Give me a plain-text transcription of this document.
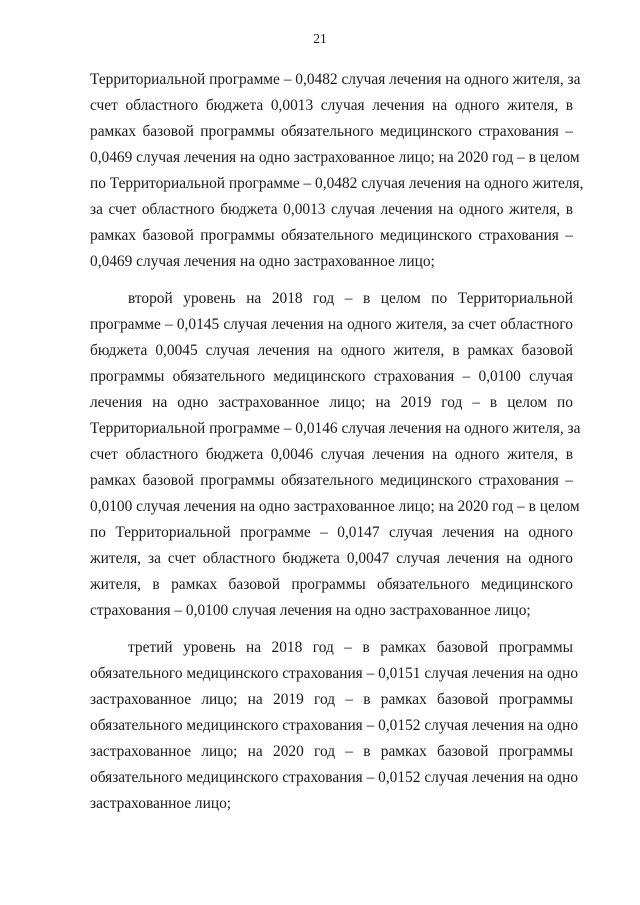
21

Территориальной программе – 0,0482 случая лечения на одного жителя, за
счет областного бюджета 0,0013 случая лечения на одного жителя, в
рамках базовой программы обязательного медицинского страхования –
0,0469 случая лечения на одно застрахованное лицо; на 2020 год – в целом
по Территориальной программе – 0,0482 случая лечения на одного жителя,
за счет областного бюджета 0,0013 случая лечения на одного жителя, в
рамках базовой программы обязательного медицинского страхования –
0,0469 случая лечения на одно застрахованное лицо;

второй уровень на 2018 год – в целом по Территориальной
программе – 0,0145 случая лечения на одного жителя, за счет областного
бюджета 0,0045 случая лечения на одного жителя, в рамках базовой
программы обязательного медицинского страхования – 0,0100 случая
лечения на одно застрахованное лицо; на 2019 год – в целом по
Территориальной программе – 0,0146 случая лечения на одного жителя, за
счет областного бюджета 0,0046 случая лечения на одного жителя, в
рамках базовой программы обязательного медицинского страхования –
0,0100 случая лечения на одно застрахованное лицо; на 2020 год – в целом
по Территориальной программе – 0,0147 случая лечения на одного
жителя, за счет областного бюджета 0,0047 случая лечения на одного
жителя, в рамках базовой программы обязательного медицинского
страхования – 0,0100 случая лечения на одно застрахованное лицо;

третий уровень на 2018 год – в рамках базовой программы
обязательного медицинского страхования – 0,0151 случая лечения на одно
застрахованное лицо; на 2019 год – в рамках базовой программы
обязательного медицинского страхования – 0,0152 случая лечения на одно
застрахованное лицо; на 2020 год – в рамках базовой программы
обязательного медицинского страхования – 0,0152 случая лечения на одно
застрахованное лицо;
